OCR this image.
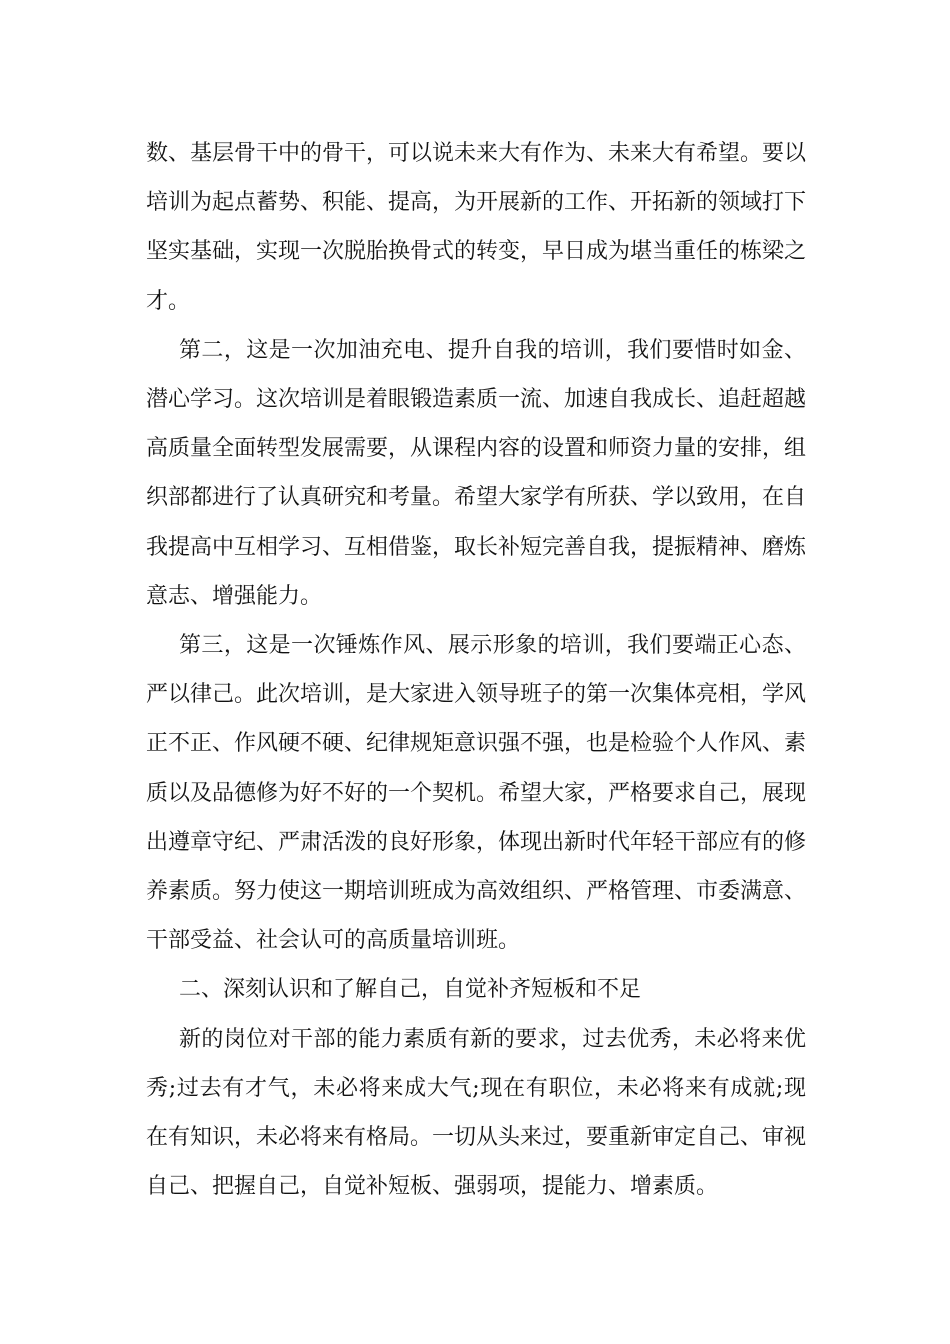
数、基层骨干中的骨干，可以说未来大有作为、未来大有希望。要以培训为起点蓄势、积能、提高，为开展新的工作、开拓新的领域打下坚实基础，实现一次脱胎换骨式的转变，早日成为堪当重任的栋梁之才。

第二，这是一次加油充电、提升自我的培训，我们要惜时如金、潜心学习。这次培训是着眼锻造素质一流、加速自我成长、追赶超越高质量全面转型发展需要，从课程内容的设置和师资力量的安排，组织部都进行了认真研究和考量。希望大家学有所获、学以致用，在自我提高中互相学习、互相借鉴，取长补短完善自我，提振精神、磨炼意志、增强能力。

第三，这是一次锤炼作风、展示形象的培训，我们要端正心态、严以律己。此次培训，是大家进入领导班子的第一次集体亮相，学风正不正、作风硬不硬、纪律规矩意识强不强，也是检验个人作风、素质以及品德修为好不好的一个契机。希望大家，严格要求自己，展现出遵章守纪、严肃活泼的良好形象，体现出新时代年轻干部应有的修养素质。努力使这一期培训班成为高效组织、严格管理、市委满意、干部受益、社会认可的高质量培训班。

二、深刻认识和了解自己，自觉补齐短板和不足

新的岗位对干部的能力素质有新的要求，过去优秀，未必将来优秀;过去有才气，未必将来成大气;现在有职位，未必将来有成就;现在有知识，未必将来有格局。一切从头来过，要重新审定自己、审视自己、把握自己，自觉补短板、强弱项，提能力、增素质。
